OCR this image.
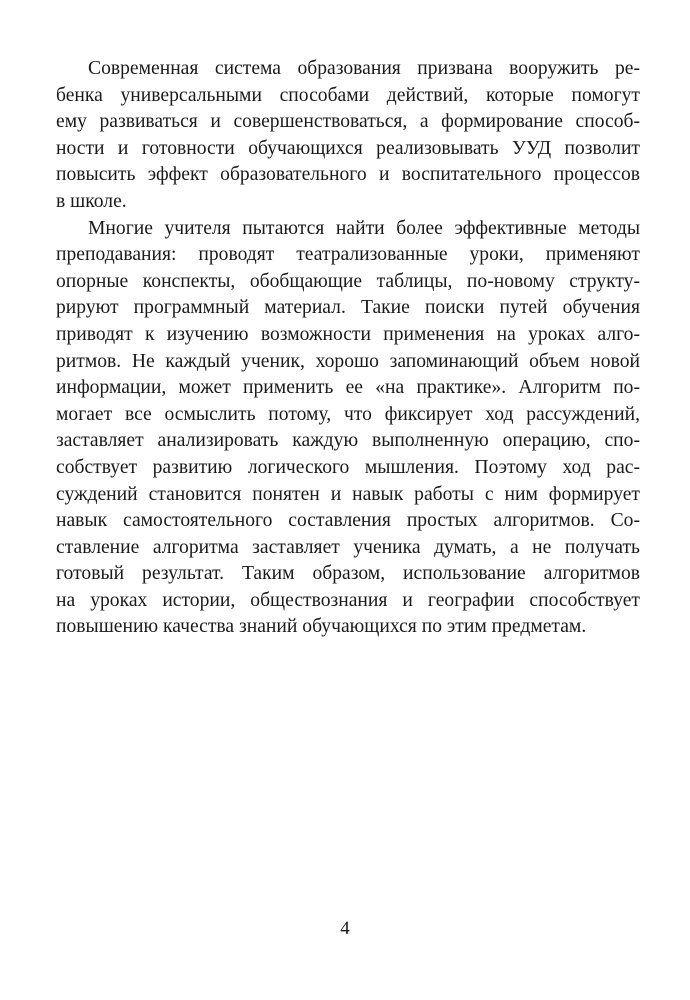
Современная система образования призвана вооружить ре-
бенка универсальными способами действий, которые помогут
ему развиваться и совершенствоваться, а формирование способ-
ности и готовности обучающихся реализовывать УУД позволит
повысить эффект образовательного и воспитательного процессов
в школе.
Многие учителя пытаются найти более эффективные методы
преподавания: проводят театрализованные уроки, применяют
опорные конспекты, обобщающие таблицы, по-новому структу-
рируют программный материал. Такие поиски путей обучения
приводят к изучению возможности применения на уроках алго-
ритмов. Не каждый ученик, хорошо запоминающий объем новой
информации, может применить ее «на практике». Алгоритм по-
могает все осмыслить потому, что фиксирует ход рассуждений,
заставляет анализировать каждую выполненную операцию, спо-
собствует развитию логического мышления. Поэтому ход рас-
суждений становится понятен и навык работы с ним формирует
навык самостоятельного составления простых алгоритмов. Со-
ставление алгоритма заставляет ученика думать, а не получать
готовый результат. Таким образом, использование алгоритмов
на уроках истории, обществознания и географии способствует
повышению качества знаний обучающихся по этим предметам.
4
